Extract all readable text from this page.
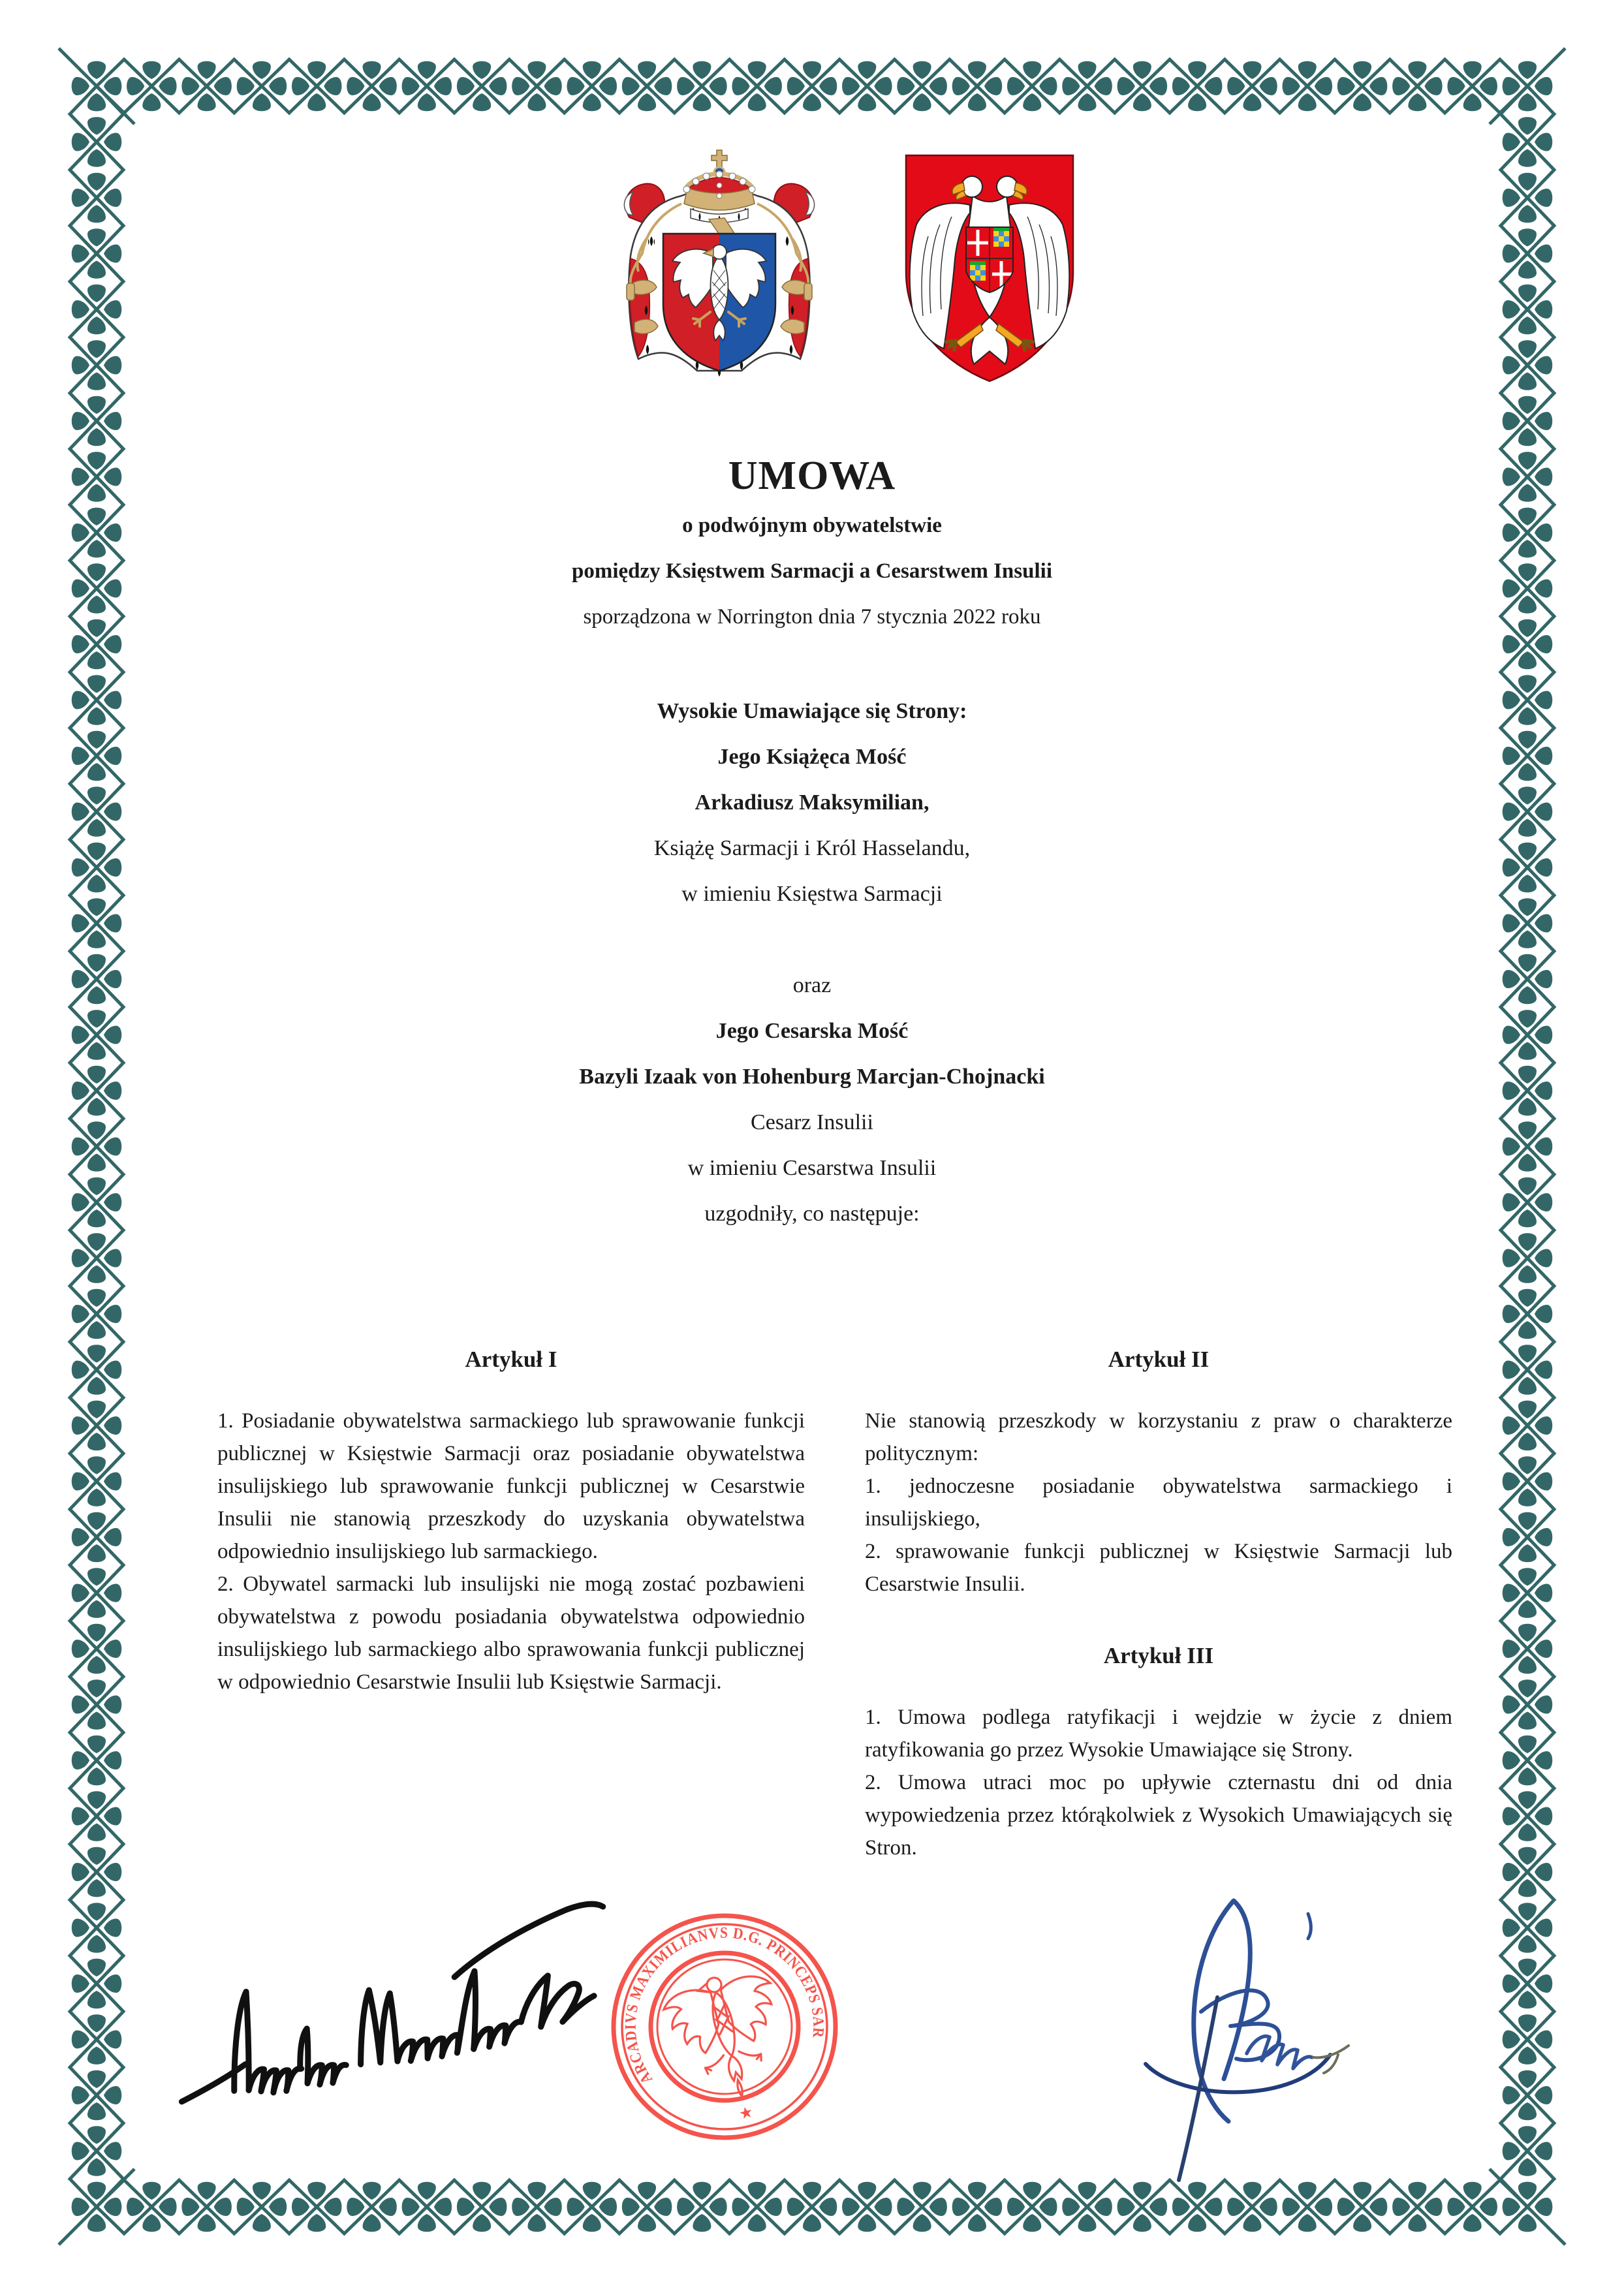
UMOWA

o podwójnym obywatelstwie

pomiędzy Księstwem Sarmacji a Cesarstwem Insulii

sporządzona w Norrington dnia 7 stycznia 2022 roku

Wysokie Umawiające się Strony:

Jego Książęca Mość

Arkadiusz Maksymilian,

Książę Sarmacji i Król Hasselandu,

w imieniu Księstwa Sarmacji

oraz

Jego Cesarska Mość

Bazyli Izaak von Hohenburg Marcjan-Chojnacki

Cesarz Insulii

w imieniu Cesarstwa Insulii

uzgodniły, co następuje:

Artykuł I

1. Posiadanie obywatelstwa sarmackiego lub sprawowanie funkcji publicznej w Księstwie Sarmacji oraz posiadanie obywatelstwa insulijskiego lub sprawowanie funkcji publicznej w Cesarstwie Insulii nie stanowią przeszkody do uzyskania obywatelstwa odpowiednio insulijskiego lub sarmackiego.

2. Obywatel sarmacki lub insulijski nie mogą zostać pozbawieni obywatelstwa z powodu posiadania obywatelstwa odpowiednio insulijskiego lub sarmackiego albo sprawowania funkcji publicznej w odpowiednio Cesarstwie Insulii lub Księstwie Sarmacji.

Artykuł II

Nie stanowią przeszkody w korzystaniu z praw o charakterze politycznym:

1. jednoczesne posiadanie obywatelstwa sarmackiego i insulijskiego,

2. sprawowanie funkcji publicznej w Księstwie Sarmacji lub Cesarstwie Insulii.

Artykuł III

1. Umowa podlega ratyfikacji i wejdzie w życie z dniem ratyfikowania go przez Wysokie Umawiające się Strony.

2. Umowa utraci moc po upływie czternastu dni od dnia wypowiedzenia przez którąkolwiek z Wysokich Umawiających się Stron.

ARCADIVS MAXIMILIANVS D.G. PRINCEPS SARMATIAE ETC. ETC.
★
